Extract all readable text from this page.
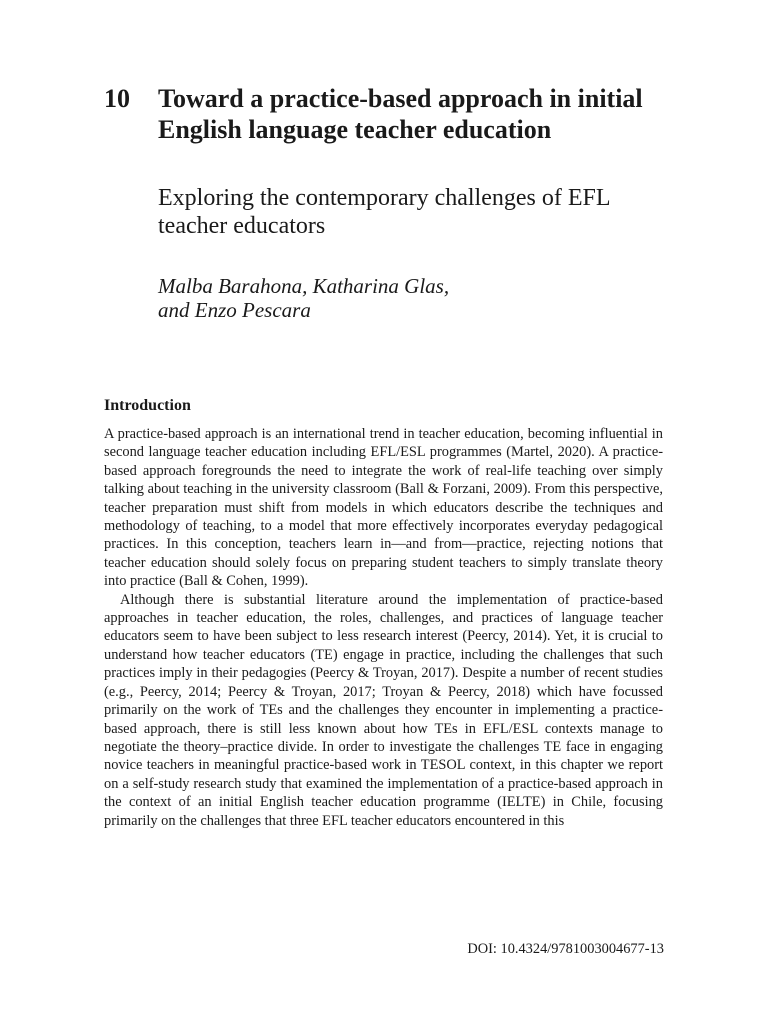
10 Toward a practice-based approach in initial English language teacher education
Exploring the contemporary challenges of EFL teacher educators
Malba Barahona, Katharina Glas,
and Enzo Pescara
Introduction

A practice-based approach is an international trend in teacher education, becoming influential in second language teacher education including EFL/ESL programmes (Martel, 2020). A practice-based approach foregrounds the need to integrate the work of real-life teaching over simply talking about teaching in the university classroom (Ball & Forzani, 2009). From this perspective, teacher preparation must shift from models in which educators describe the techniques and methodology of teaching, to a model that more effectively incorporates everyday pedagogical practices. In this conception, teachers learn in—and from—practice, rejecting notions that teacher education should solely focus on preparing student teachers to simply translate theory into practice (Ball & Cohen, 1999).

Although there is substantial literature around the implementation of practice-based approaches in teacher education, the roles, challenges, and practices of language teacher educators seem to have been subject to less research interest (Peercy, 2014). Yet, it is crucial to understand how teacher educators (TE) engage in practice, including the challenges that such practices imply in their pedagogies (Peercy & Troyan, 2017). Despite a number of recent studies (e.g., Peercy, 2014; Peercy & Troyan, 2017; Troyan & Peercy, 2018) which have focussed primarily on the work of TEs and the challenges they encounter in implementing a practice-based approach, there is still less known about how TEs in EFL/ESL contexts manage to negotiate the theory–practice divide. In order to investigate the challenges TE face in engaging novice teachers in meaningful practice-based work in TESOL context, in this chapter we report on a self-study research study that examined the implementation of a practice-based approach in the context of an initial English teacher education programme (IELTE) in Chile, focusing primarily on the challenges that three EFL teacher educators encountered in this

DOI: 10.4324/9781003004677-13
